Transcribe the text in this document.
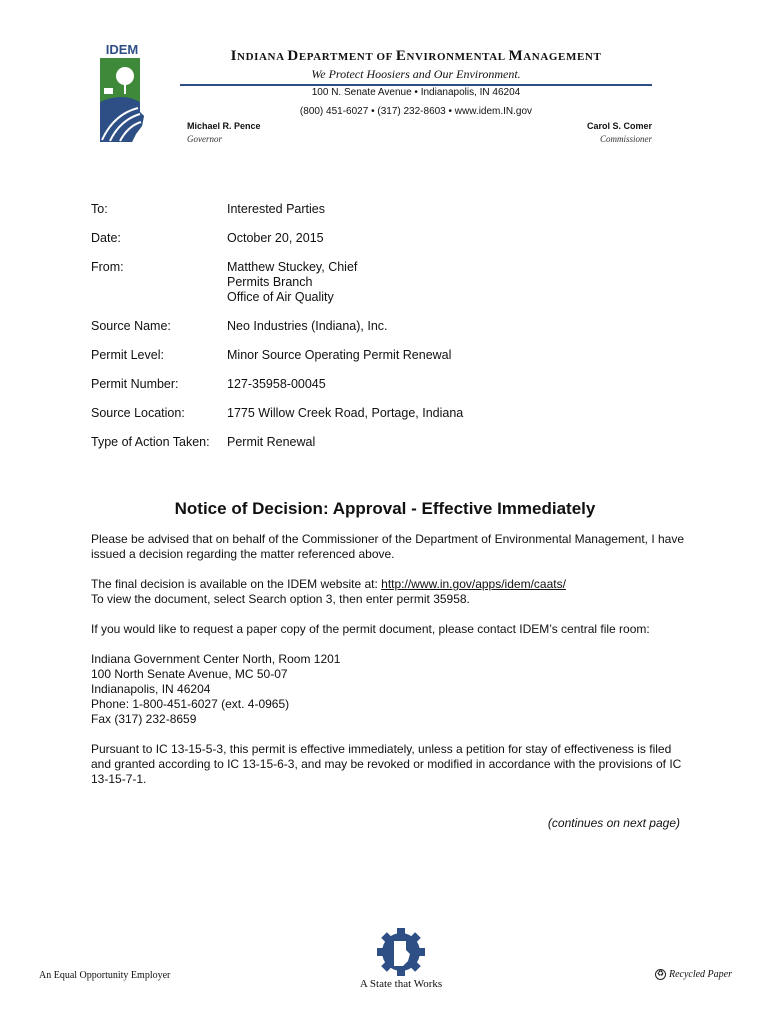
IDEM	INDIANA DEPARTMENT OF ENVIRONMENTAL MANAGEMENT
We Protect Hoosiers and Our Environment.
100 N. Senate Avenue • Indianapolis, IN 46204
(800) 451-6027 • (317) 232-8603 • www.idem.IN.gov
Michael R. Pence
Governor
Carol S. Comer
Commissioner
To:	Interested Parties
Date:	October 20, 2015
From:	Matthew Stuckey, Chief
Permits Branch
Office of Air Quality
Source Name:	Neo Industries (Indiana), Inc.
Permit Level:	Minor Source Operating Permit Renewal
Permit Number:	127-35958-00045
Source Location:	1775 Willow Creek Road, Portage, Indiana
Type of Action Taken:	Permit Renewal
Notice of Decision: Approval - Effective Immediately

Please be advised that on behalf of the Commissioner of the Department of Environmental Management, I have issued a decision regarding the matter referenced above.

The final decision is available on the IDEM website at: http://www.in.gov/apps/idem/caats/
To view the document, select Search option 3, then enter permit 35958.

If you would like to request a paper copy of the permit document, please contact IDEM’s central file room:

Indiana Government Center North, Room 1201
100 North Senate Avenue, MC 50-07
Indianapolis, IN 46204
Phone: 1-800-451-6027 (ext. 4-0965)
Fax (317) 232-8659

Pursuant to IC 13-15-5-3, this permit is effective immediately, unless a petition for stay of effectiveness is filed and granted according to IC 13-15-6-3, and may be revoked or modified in accordance with the provisions of IC 13-15-7-1.

(continues on next page)
An Equal Opportunity Employer
A State that Works
♻ Recycled Paper
